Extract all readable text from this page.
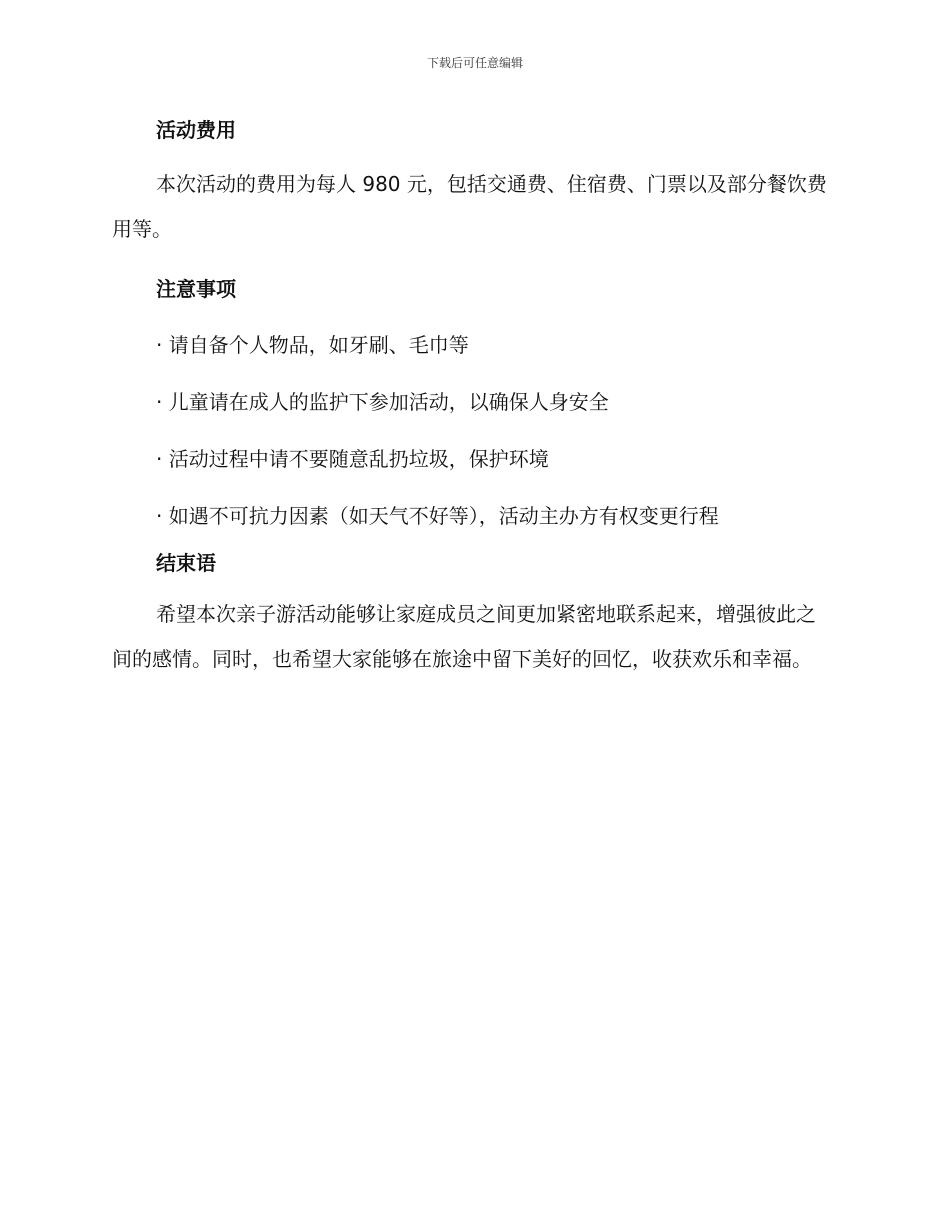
下载后可任意编辑
活动费用

本次活动的费用为每人 980 元，包括交通费、住宿费、门票以及部分餐饮费用等。

注意事项
· 请自备个人物品，如牙刷、毛巾等
· 儿童请在成人的监护下参加活动，以确保人身安全
· 活动过程中请不要随意乱扔垃圾，保护环境
· 如遇不可抗力因素（如天气不好等），活动主办方有权变更行程
结束语

希望本次亲子游活动能够让家庭成员之间更加紧密地联系起来，增强彼此之间的感情。同时，也希望大家能够在旅途中留下美好的回忆，收获欢乐和幸福。
